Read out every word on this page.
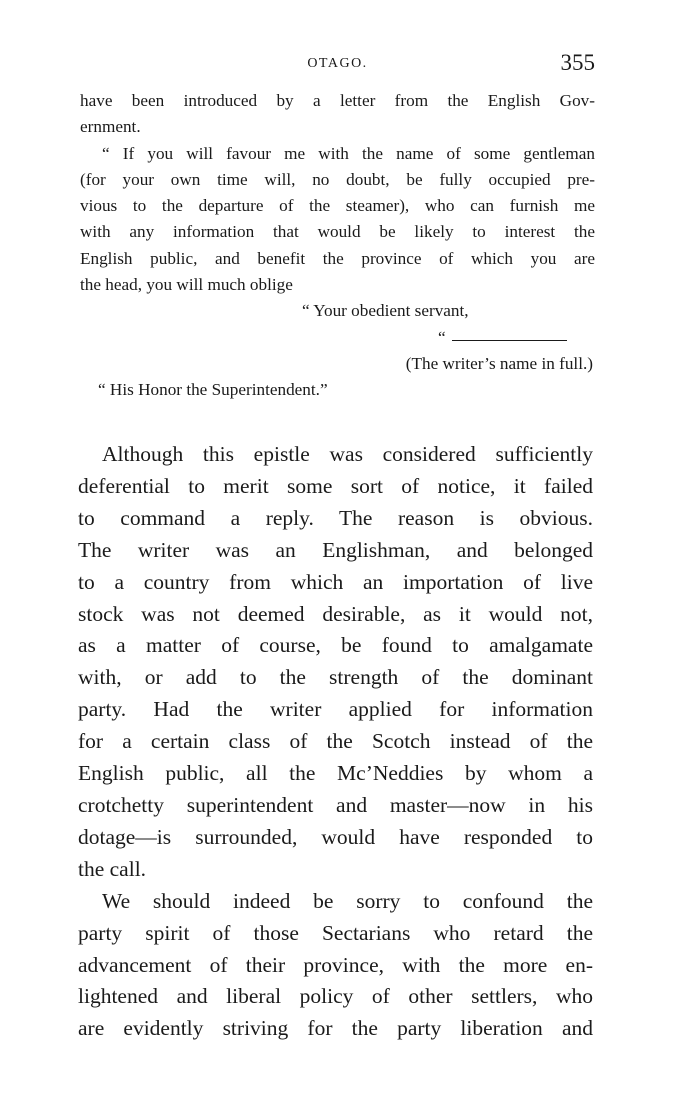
OTAGO.	355
have been introduced by a letter from the English Gov-
ernment.
“ If you will favour me with the name of some gentleman
(for your own time will, no doubt, be fully occupied pre-
vious to the departure of the steamer), who can furnish me
with any information that would be likely to interest the
English public, and benefit the province of which you are
the head, you will much oblige
“ Your obedient servant,
“
(The writer’s name in full.)
“ His Honor the Superintendent.”
Although this epistle was considered sufficiently
deferential to merit some sort of notice, it failed
to command a reply. The reason is obvious.
The writer was an Englishman, and belonged
to a country from which an importation of live
stock was not deemed desirable, as it would not,
as a matter of course, be found to amalgamate
with, or add to the strength of the dominant
party. Had the writer applied for information
for a certain class of the Scotch instead of the
English public, all the Mc’Neddies by whom a
crotchetty superintendent and master—now in his
dotage—is surrounded, would have responded to
the call.
We should indeed be sorry to confound the
party spirit of those Sectarians who retard the
advancement of their province, with the more en-
lightened and liberal policy of other settlers, who
are evidently striving for the party liberation and
